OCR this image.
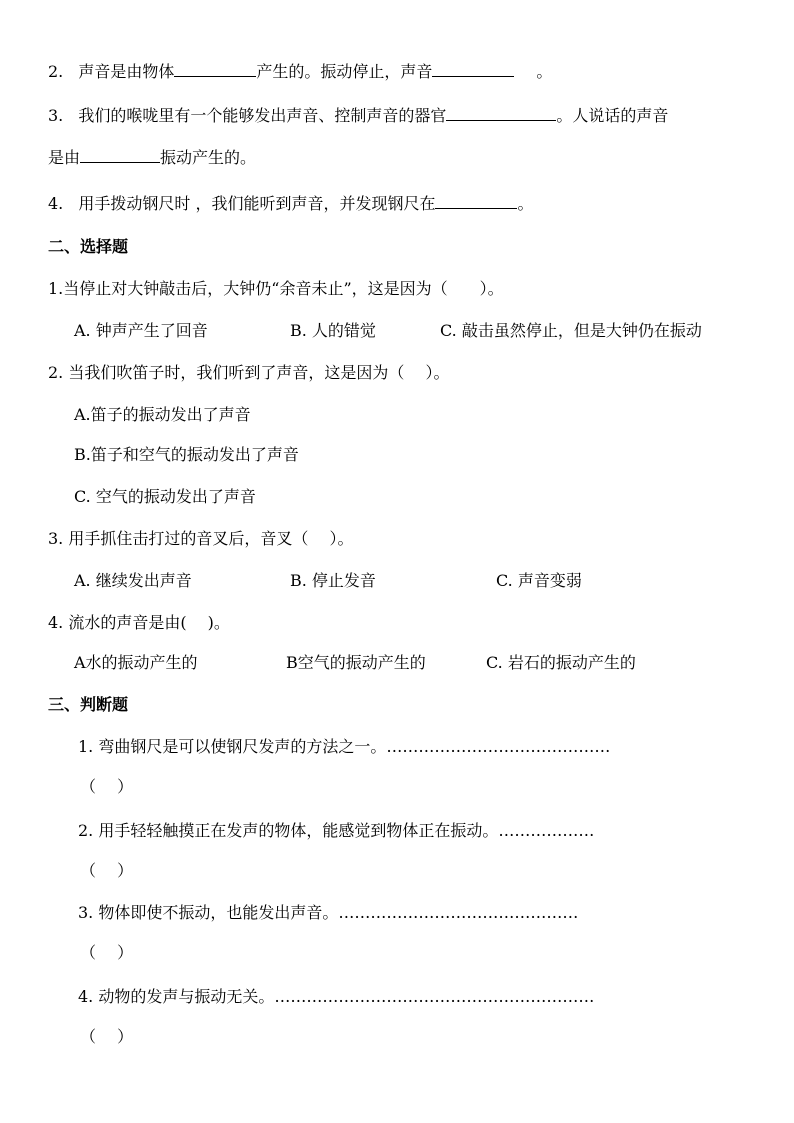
2. 声音是由物体	产生的。振动停止，声音	。
3. 我们的喉咙里有一个能够发出声音、控制声音的器官	。人说话的声音
是由	振动产生的。
4. 用手拨动钢尺时 ，我们能听到声音，并发现钢尺在	。
二、选择题
1.当停止对大钟敲击后，大钟仍“余音未止”，这是因为（　　）。
A. 钟声产生了回音	B. 人的错觉	C. 敲击虽然停止，但是大钟仍在振动
2. 当我们吹笛子时，我们听到了声音，这是因为（　 ）。
A.笛子的振动发出了声音
B.笛子和空气的振动发出了声音
C. 空气的振动发出了声音
3. 用手抓住击打过的音叉后，音叉（　 ）。
A. 继续发出声音	B. 停止发音	C. 声音变弱
4. 流水的声音是由(　 )。
A水的振动产生的	B空气的振动产生的	C. 岩石的振动产生的
三、判断题
1. 弯曲钢尺是可以使钢尺发声的方法之一。……………………………………
（　 ）
2. 用手轻轻触摸正在发声的物体，能感觉到物体正在振动。………………
（　 ）
3. 物体即使不振动，也能发出声音。………………………………………
（　 ）
4. 动物的发声与振动无关。……………………………………………………
（　 ）
